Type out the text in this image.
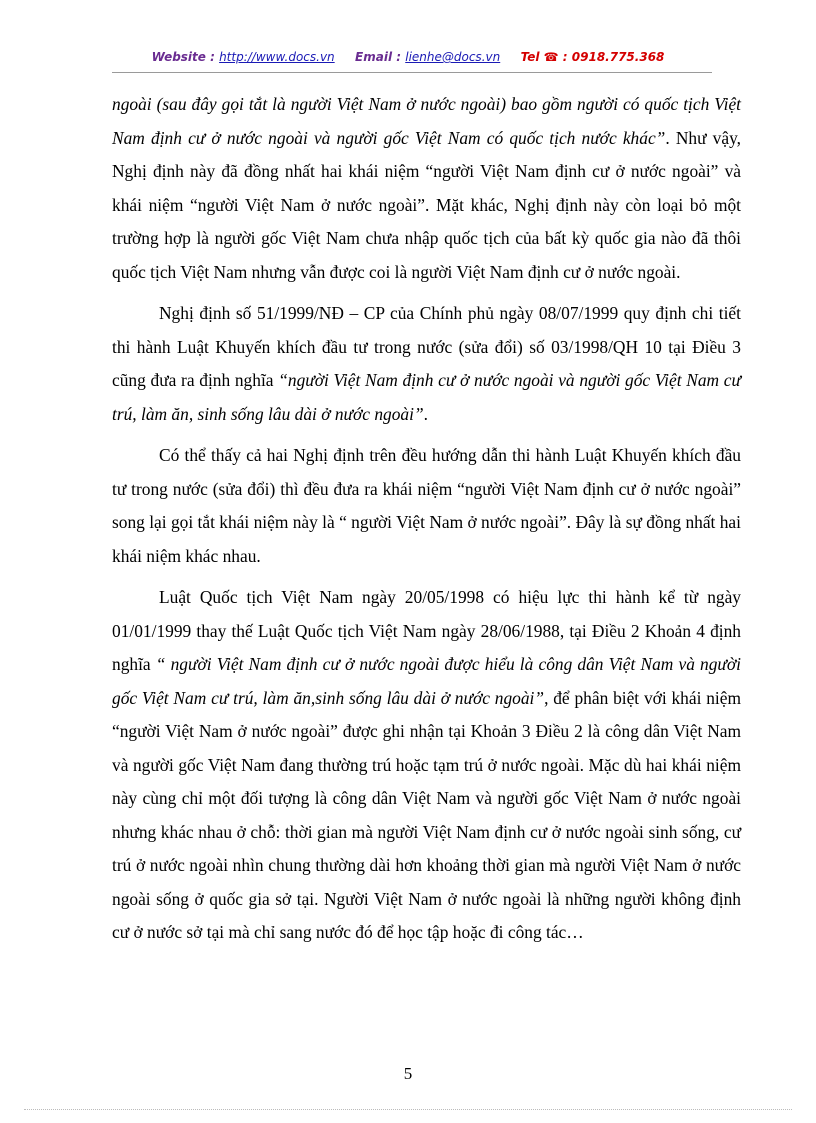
Website : http://www.docs.vn Email : lienhe@docs.vn Tel ☎ : 0918.775.368

ngoài (sau đây gọi tắt là người Việt Nam ở nước ngoài) bao gồm người có quốc tịch Việt Nam định cư ở nước ngoài và người gốc Việt Nam có quốc tịch nước khác”. Như vậy, Nghị định này đã đồng nhất hai khái niệm “người Việt Nam định cư ở nước ngoài” và khái niệm “người Việt Nam ở nước ngoài”. Mặt khác, Nghị định này còn loại bỏ một trường hợp là người gốc Việt Nam chưa nhập quốc tịch của bất kỳ quốc gia nào đã thôi quốc tịch Việt Nam nhưng vẫn được coi là người Việt Nam định cư ở nước ngoài.

Nghị định số 51/1999/NĐ – CP của Chính phủ ngày 08/07/1999 quy định chi tiết thi hành Luật Khuyến khích đầu tư trong nước (sửa đổi) số 03/1998/QH 10 tại Điều 3 cũng đưa ra định nghĩa “người Việt Nam định cư ở nước ngoài và người gốc Việt Nam cư trú, làm ăn, sinh sống lâu dài ở nước ngoài”.

Có thể thấy cả hai Nghị định trên đều hướng dẫn thi hành Luật Khuyến khích đầu tư trong nước (sửa đổi) thì đều đưa ra khái niệm “người Việt Nam định cư ở nước ngoài” song lại gọi tắt khái niệm này là “ người Việt Nam ở nước ngoài”. Đây là sự đồng nhất hai khái niệm khác nhau.

Luật Quốc tịch Việt Nam ngày 20/05/1998 có hiệu lực thi hành kể từ ngày 01/01/1999 thay thế Luật Quốc tịch Việt Nam ngày 28/06/1988, tại Điều 2 Khoản 4 định nghĩa “ người Việt Nam định cư ở nước ngoài được hiểu là công dân Việt Nam và người gốc Việt Nam cư trú, làm ăn,sinh sống lâu dài ở nước ngoài”, để phân biệt với khái niệm “người Việt Nam ở nước ngoài” được ghi nhận tại Khoản 3 Điều 2 là công dân Việt Nam và người gốc Việt Nam đang thường trú hoặc tạm trú ở nước ngoài. Mặc dù hai khái niệm này cùng chỉ một đối tượng là công dân Việt Nam và người gốc Việt Nam ở nước ngoài nhưng khác nhau ở chỗ: thời gian mà người Việt Nam định cư ở nước ngoài sinh sống, cư trú ở nước ngoài nhìn chung thường dài hơn khoảng thời gian mà người Việt Nam ở nước ngoài sống ở quốc gia sở tại. Người Việt Nam ở nước ngoài là những người không định cư ở nước sở tại mà chỉ sang nước đó để học tập hoặc đi công tác…

5
